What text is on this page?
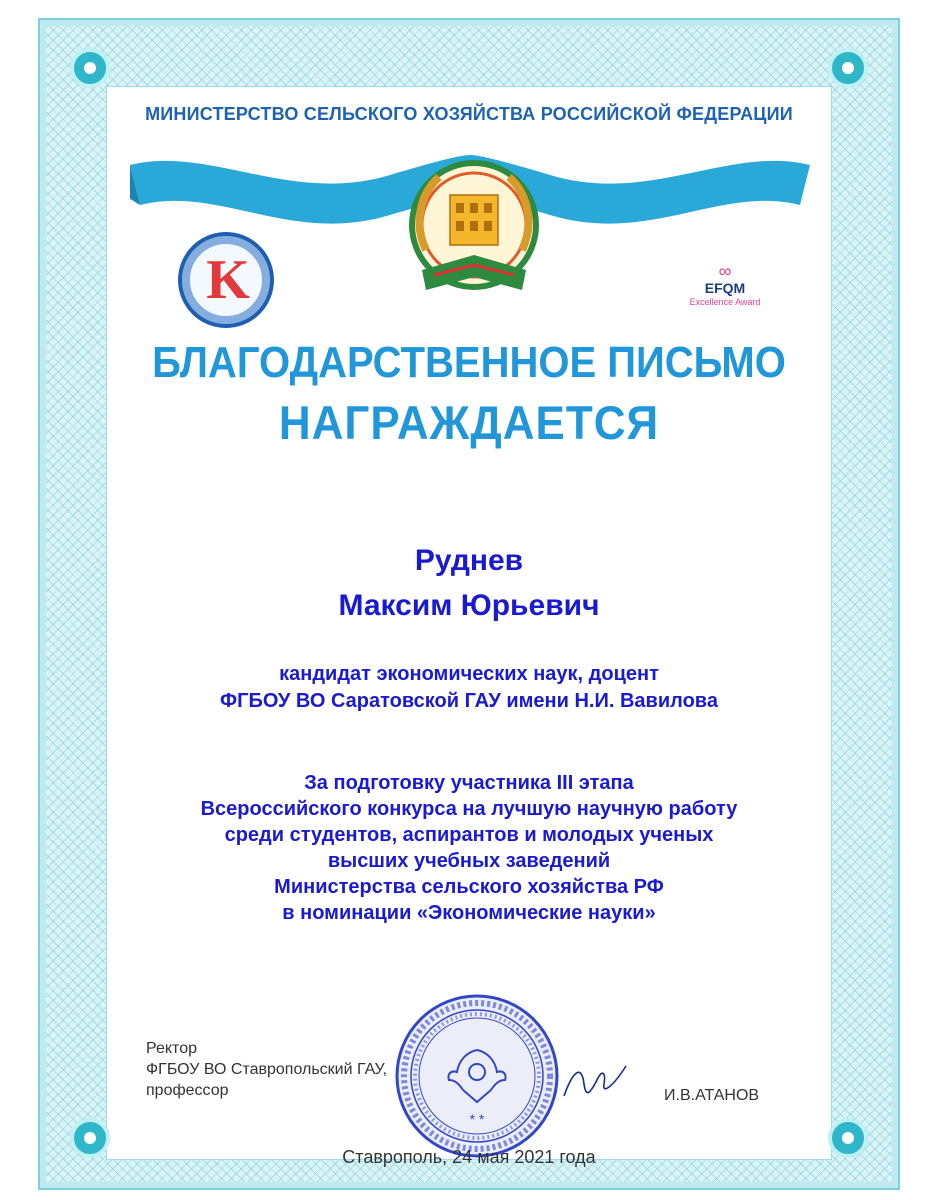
МИНИСТЕРСТВО СЕЛЬСКОГО ХОЗЯЙСТВА РОССИЙСКОЙ ФЕДЕРАЦИИ
K	∞
EFQM
Excellence Award
БЛАГОДАРСТВЕННОЕ ПИСЬМО
НАГРАЖДАЕТСЯ
Руднев
Максим Юрьевич
кандидат экономических наук, доцент
ФГБОУ ВО Саратовской ГАУ имени Н.И. Вавилова
За подготовку участника III этапа
Всероссийского конкурса на лучшую научную работу
среди студентов, аспирантов и молодых ученых
высших учебных заведений
Министерства сельского хозяйства РФ
в номинации «Экономические науки»
Ректор
ФГБОУ ВО Ставропольский ГАУ,
профессор
* *
И.В.АТАНОВ
Ставрополь, 24 мая 2021 года
